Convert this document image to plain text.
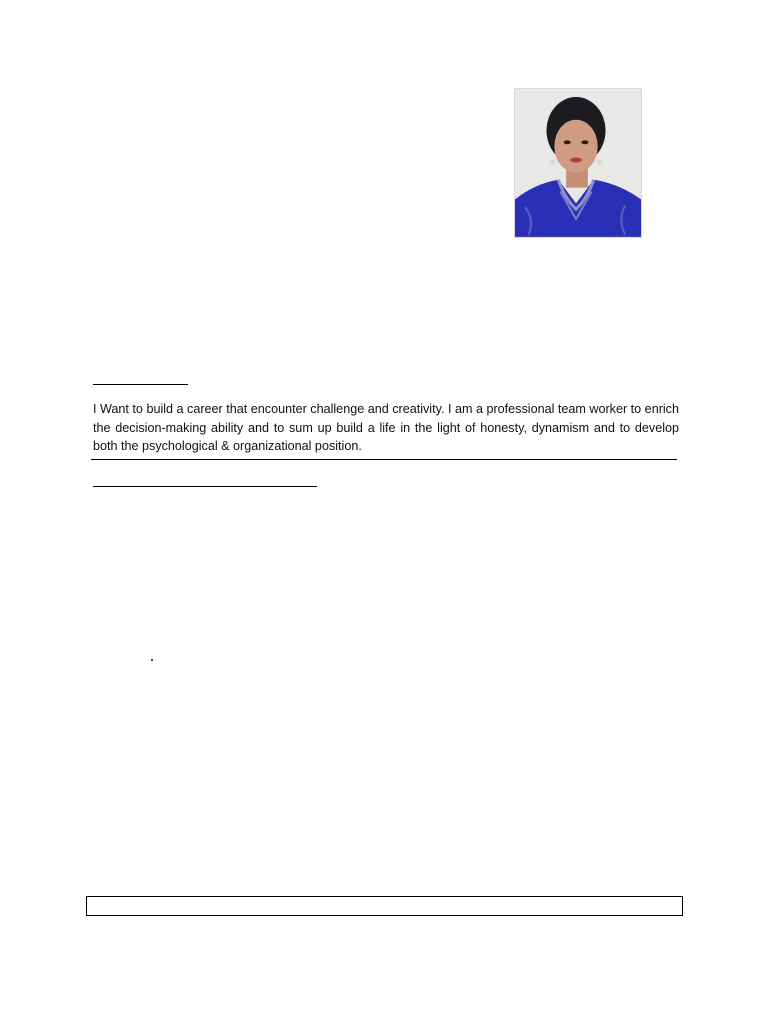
I Want to build a career that encounter challenge and creativity. I am a professional team worker to enrich the decision-making ability and to sum up build a life in the light of honesty, dynamism and to develop both the psychological & organizational position.
